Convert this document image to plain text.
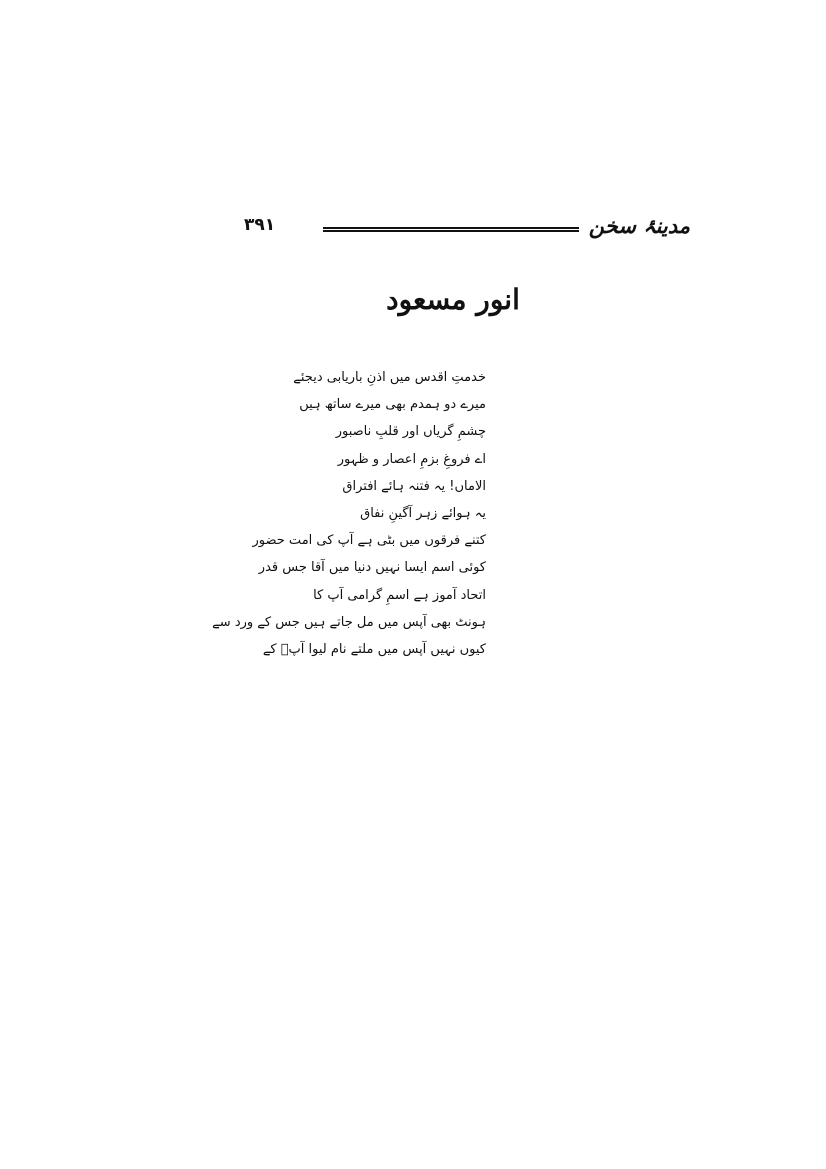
۳۹۱	مدینۂ سخن
انور مسعود
خدمتِ اقدس میں اذنِ باریابی دیجئے
میرے دو ہمدم بھی میرے ساتھ ہیں
چشمِ گریاں اور قلبِ ناصبور
اے فروغِ بزمِ اعصار و ظہور
الاماں! یہ فتنہ ہائے افتراق
یہ ہوائے زہر آگینِ نفاق
کتنے فرقوں میں بٹی ہے آپ کی امت حضور
کوئی اسم ایسا نہیں دنیا میں آقا جس قدر
اتحاد آموز ہے اسمِ گرامی آپ کا
ہونٹ بھی آپس میں مل جاتے ہیں جس کے ورد سے
کیوں نہیں آپس میں ملتے نام لیوا آپؐ کے
